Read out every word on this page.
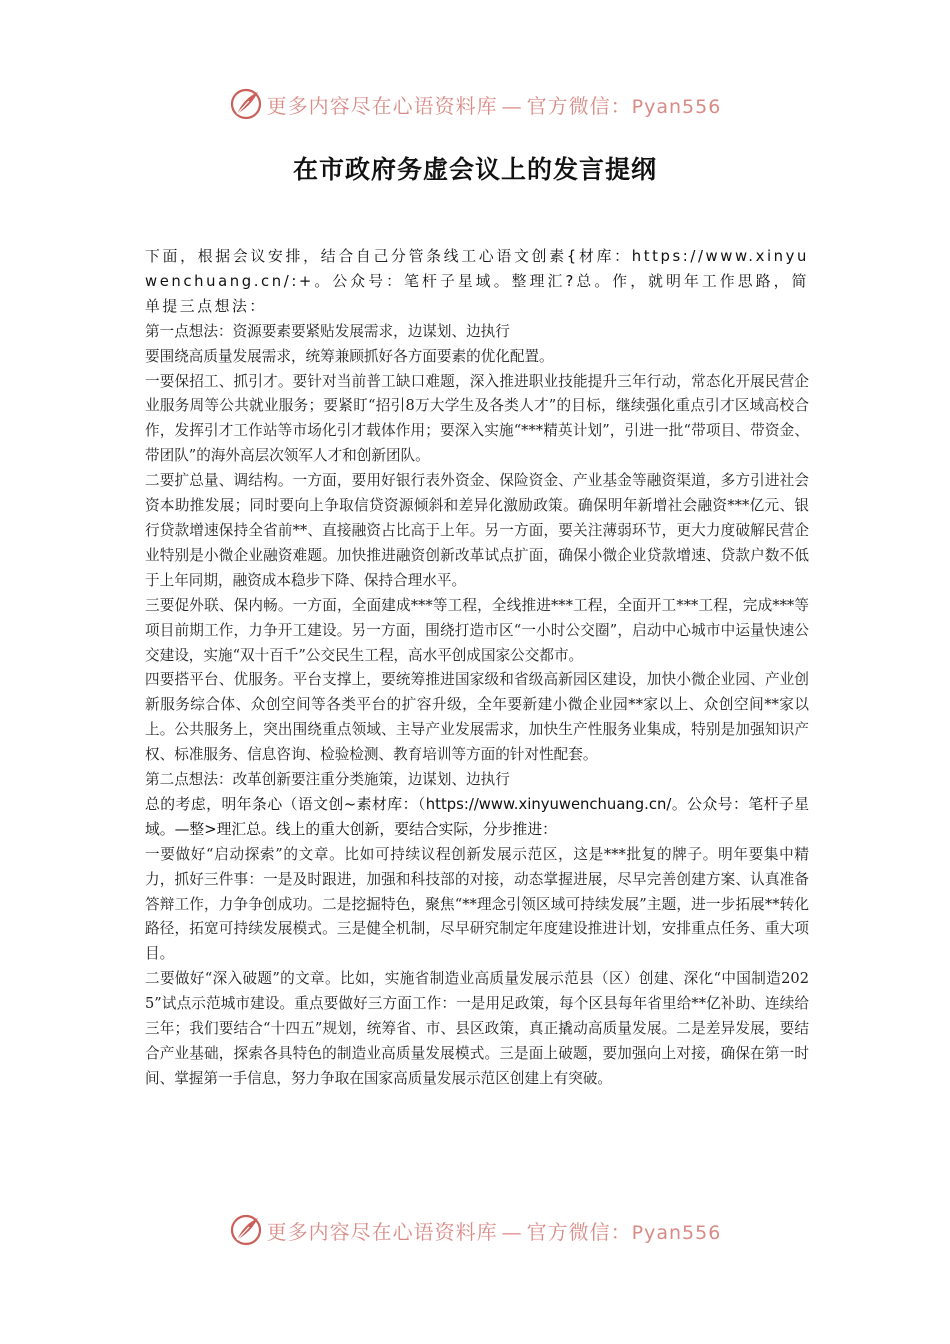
更多内容尽在心语资料库 — 官方微信：Pyan556
在市政府务虚会议上的发言提纲

下面，根据会议安排，结合自己分管条线工心语文创素{材库：https://www.xinyuwenchuang.cn/:+。公众号：笔杆子星域。整理汇?总。作，就明年工作思路，简单提三点想法：

第一点想法：资源要素要紧贴发展需求，边谋划、边执行

要围绕高质量发展需求，统筹兼顾抓好各方面要素的优化配置。

一要保招工、抓引才。要针对当前普工缺口难题，深入推进职业技能提升三年行动，常态化开展民营企业服务周等公共就业服务；要紧盯“招引8万大学生及各类人才”的目标，继续强化重点引才区域高校合作，发挥引才工作站等市场化引才载体作用；要深入实施“***精英计划”，引进一批“带项目、带资金、带团队”的海外高层次领军人才和创新团队。

二要扩总量、调结构。一方面，要用好银行表外资金、保险资金、产业基金等融资渠道，多方引进社会资本助推发展；同时要向上争取信贷资源倾斜和差异化激励政策。确保明年新增社会融资***亿元、银行贷款增速保持全省前**、直接融资占比高于上年。另一方面，要关注薄弱环节，更大力度破解民营企业特别是小微企业融资难题。加快推进融资创新改革试点扩面，确保小微企业贷款增速、贷款户数不低于上年同期，融资成本稳步下降、保持合理水平。

三要促外联、保内畅。一方面，全面建成***等工程，全线推进***工程，全面开工***工程，完成***等项目前期工作，力争开工建设。另一方面，围绕打造市区“一小时公交圈”，启动中心城市中运量快速公交建设，实施“双十百千”公交民生工程，高水平创成国家公交都市。

四要搭平台、优服务。平台支撑上，要统筹推进国家级和省级高新园区建设，加快小微企业园、产业创新服务综合体、众创空间等各类平台的扩容升级，全年要新建小微企业园**家以上、众创空间**家以上。公共服务上，突出围绕重点领域、主导产业发展需求，加快生产性服务业集成，特别是加强知识产权、标准服务、信息咨询、检验检测、教育培训等方面的针对性配套。

第二点想法：改革创新要注重分类施策，边谋划、边执行

总的考虑，明年条心（语文创~素材库：（https://www.xinyuwenchuang.cn/。公众号：笔杆子星域。—整>理汇总。线上的重大创新，要结合实际，分步推进：

一要做好“启动探索”的文章。比如可持续议程创新发展示范区，这是***批复的牌子。明年要集中精力，抓好三件事：一是及时跟进，加强和科技部的对接，动态掌握进展，尽早完善创建方案、认真准备答辩工作，力争争创成功。二是挖掘特色，聚焦“**理念引领区域可持续发展”主题，进一步拓展**转化路径，拓宽可持续发展模式。三是健全机制，尽早研究制定年度建设推进计划，安排重点任务、重大项目。

二要做好“深入破题”的文章。比如，实施省制造业高质量发展示范县（区）创建、深化“中国制造2025”试点示范城市建设。重点要做好三方面工作：一是用足政策，每个区县每年省里给**亿补助、连续给三年；我们要结合“十四五”规划，统筹省、市、县区政策，真正撬动高质量发展。二是差异发展，要结合产业基础，探索各具特色的制造业高质量发展模式。三是面上破题，要加强向上对接，确保在第一时间、掌握第一手信息，努力争取在国家高质量发展示范区创建上有突破。

更多内容尽在心语资料库 — 官方微信：Pyan556
